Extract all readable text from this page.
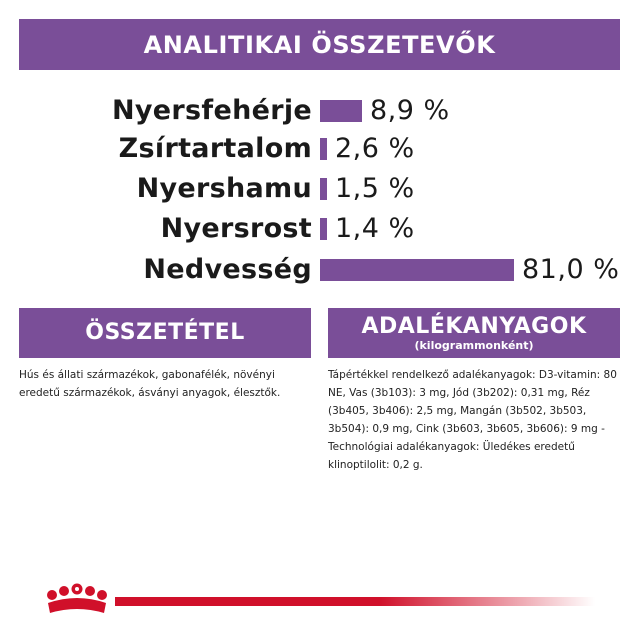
ANALITIKAI ÖSSZETEVŐK
Nyersfehérje 8,9 %
Zsírtartalom 2,6 %
Nyershamu 1,5 %
Nyersrost 1,4 %
Nedvesség	81,0 %
ÖSSZETÉTEL
Hús és állati származékok, gabonafélék, növényi eredetű származékok, ásványi anyagok, élesztők.
ADALÉKANYAGOK
(kilogrammonként)
Tápértékkel rendelkező adalékanyagok: D3-vitamin: 80 NE, Vas (3b103): 3 mg, Jód (3b202): 0,31 mg, Réz (3b405, 3b406): 2,5 mg, Mangán (3b502, 3b503, 3b504): 0,9 mg, Cink (3b603, 3b605, 3b606): 9 mg - Technológiai adalékanyagok: Üledékes eredetű klinoptilolit: 0,2 g.
